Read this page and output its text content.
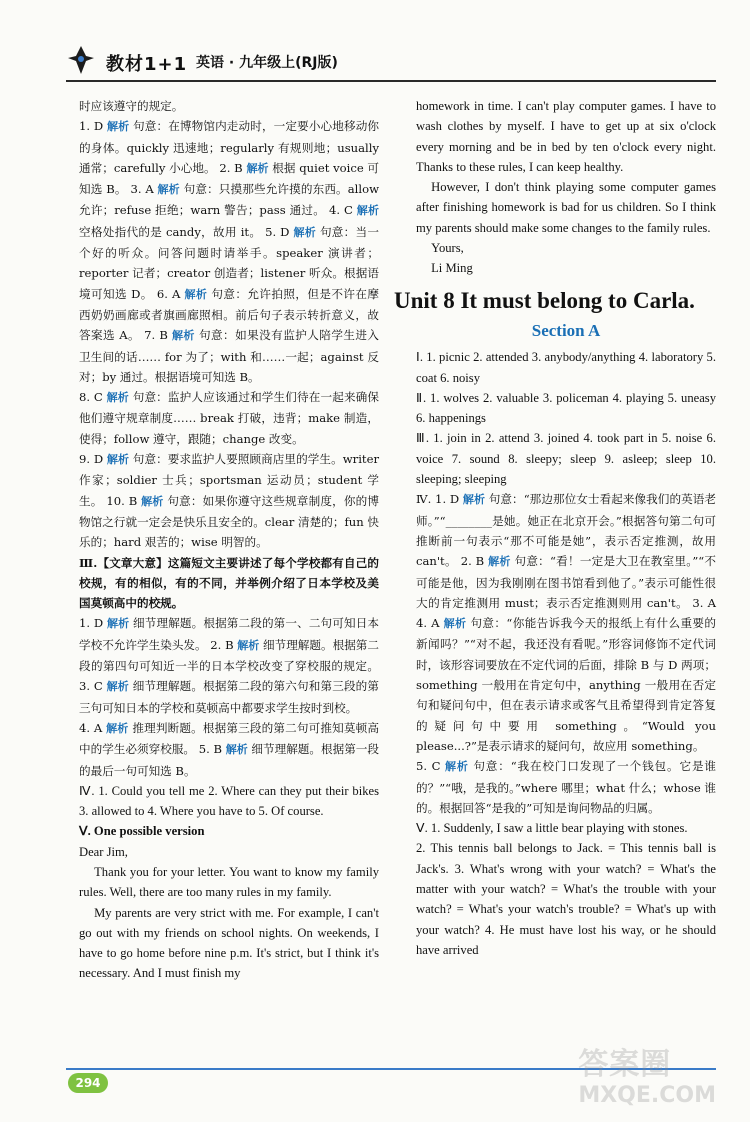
教材1+1 英语 · 九年级上(RJ版)

时应该遵守的规定。

1. D 解析 句意：在博物馆内走动时，一定要小心地移动你的身体。quickly 迅速地；regularly 有规则地；usually 通常；carefully 小心地。 2. B 解析 根据 quiet voice 可知选 B。 3. A 解析 句意：只摸那些允许摸的东西。allow 允许；refuse 拒绝；warn 警告；pass 通过。 4. C 解析 空格处指代的是 candy，故用 it。 5. D 解析 句意：当一个好的听众。问答问题时请举手。speaker 演讲者；reporter 记者；creator 创造者；listener 听众。根据语境可知选 D。 6. A 解析 句意：允许拍照，但是不许在摩西奶奶画廊或者旗画廊照相。前后句子表示转折意义，故答案选 A。 7. B 解析 句意：如果没有监护人陪学生进入卫生间的话…… for 为了；with 和……一起；against 反对；by 通过。根据语境可知选 B。

8. C 解析 句意：监护人应该通过和学生们待在一起来确保他们遵守规章制度…… break 打破，违背；make 制造，使得；follow 遵守，跟随；change 改变。

9. D 解析 句意：要求监护人要照顾商店里的学生。writer 作家；soldier 士兵；sportsman 运动员；student 学生。 10. B 解析 句意：如果你遵守这些规章制度，你的博物馆之行就一定会是快乐且安全的。clear 清楚的；fun 快乐的；hard 艰苦的；wise 明智的。

Ⅲ.【文章大意】这篇短文主要讲述了每个学校都有自己的校规，有的相似，有的不同，并举例介绍了日本学校及美国莫顿高中的校规。

1. D 解析 细节理解题。根据第二段的第一、二句可知日本学校不允许学生染头发。 2. B 解析 细节理解题。根据第二段的第四句可知近一半的日本学校改变了穿校服的规定。 3. C 解析 细节理解题。根据第二段的第六句和第三段的第三句可知日本的学校和莫顿高中都要求学生按时到校。

4. A 解析 推理判断题。根据第三段的第二句可推知莫顿高中的学生必须穿校服。 5. B 解析 细节理解题。根据第一段的最后一句可知选 B。

Ⅳ. 1. Could you tell me 2. Where can they put their bikes 3. allowed to 4. Where you have to 5. Of course.

Ⅴ. One possible version

Dear Jim,

Thank you for your letter. You want to know my family rules. Well, there are too many rules in my family.

My parents are very strict with me. For example, I can't go out with my friends on school nights. On weekends, I have to go home before nine p.m. It's strict, but I think it's necessary. And I must finish my

homework in time. I can't play computer games. I have to wash clothes by myself. I have to get up at six o'clock every morning and be in bed by ten o'clock every night. Thanks to these rules, I can keep healthy.

However, I don't think playing some computer games after finishing homework is bad for us children. So I think my parents should make some changes to the family rules.

Yours,

Li Ming

Unit 8 It must belong to Carla.
Section A

Ⅰ. 1. picnic 2. attended 3. anybody/anything 4. laboratory 5. coat 6. noisy

Ⅱ. 1. wolves 2. valuable 3. policeman 4. playing 5. uneasy 6. happenings

Ⅲ. 1. join in 2. attend 3. joined 4. took part in 5. noise 6. voice 7. sound 8. sleepy; sleep 9. asleep; sleep 10. sleeping; sleeping

Ⅳ. 1. D 解析 句意：“那边那位女士看起来像我们的英语老师。”“________是她。她正在北京开会。”根据答句第二句可推断前一句表示“那不可能是她”，表示否定推测，故用 can't。 2. B 解析 句意：“看！一定是大卫在教室里。”“不可能是他，因为我刚刚在图书馆看到他了。”表示可能性很大的肯定推测用 must；表示否定推测则用 can't。 3. A 4. A 解析 句意：“你能告诉我今天的报纸上有什么重要的新闻吗？”“对不起，我还没有看呢。”形容词修饰不定代词时，该形容词要放在不定代词的后面，排除 B 与 D 两项；something 一般用在肯定句中，anything 一般用在否定句和疑问句中，但在表示请求或客气且希望得到肯定答复的疑问句中要用 something。“Would you please...?”是表示请求的疑问句，故应用 something。

5. C 解析 句意：“我在校门口发现了一个钱包。它是谁的？”“哦，是我的。”where 哪里；what 什么；whose 谁的。根据回答“是我的”可知是询问物品的归属。

Ⅴ. 1. Suddenly, I saw a little bear playing with stones.

2. This tennis ball belongs to Jack. = This tennis ball is Jack's. 3. What's wrong with your watch? = What's the matter with your watch? = What's the trouble with your watch? = What's your watch's trouble? = What's up with your watch? 4. He must have lost his way, or he should have arrived

294
答案圈
MXQE.COM
